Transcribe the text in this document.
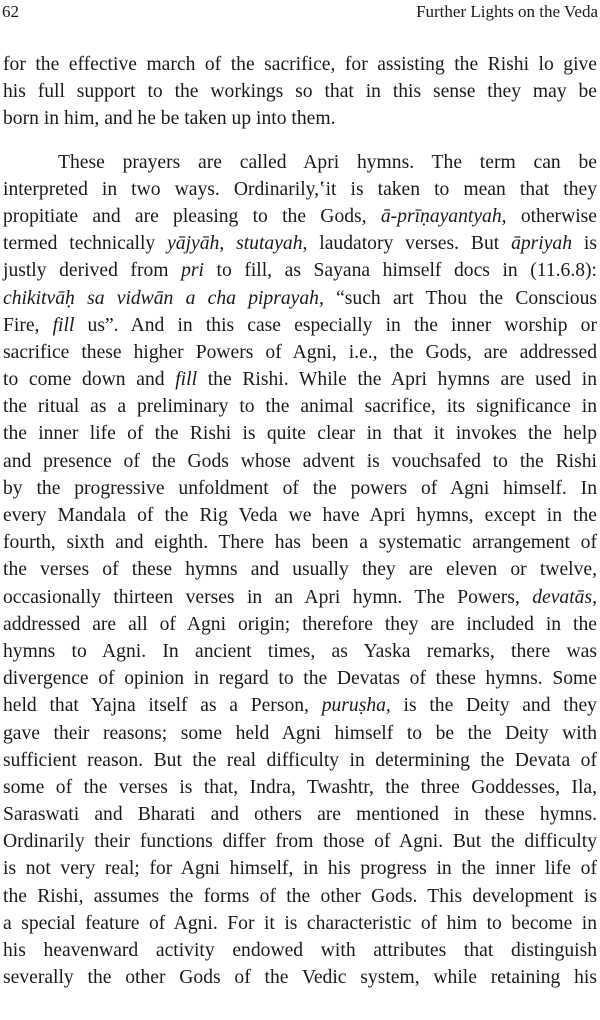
62	Further Lights on the Veda
for the effective march of the sacrifice, for assisting the Rishi lo give
his full support to the workings so that in this sense they may be
born in him, and he be taken up into them.
These prayers are called Apri hymns. The term can be
interpreted in two ways. Ordinarily,ʽit is taken to mean that they
propitiate and are pleasing to the Gods, ā-prīṇayantyah, otherwise
termed technically yājyāh, stutayah, laudatory verses. But āpriyah is
justly derived from pri to fill, as Sayana himself docs in (11.6.8):
chikitvāḥ sa vidwān a cha piprayah, “such art Thou the Conscious
Fire, fill us”. And in this case especially in the inner worship or
sacrifice these higher Powers of Agni, i.e., the Gods, are addressed
to come down and fill the Rishi. While the Apri hymns are used in
the ritual as a preliminary to the animal sacrifice, its significance in
the inner life of the Rishi is quite clear in that it invokes the help
and presence of the Gods whose advent is vouchsafed to the Rishi
by the progressive unfoldment of the powers of Agni himself. In
every Mandala of the Rig Veda we have Apri hymns, except in the
fourth, sixth and eighth. There has been a systematic arrangement of
the verses of these hymns and usually they are eleven or twelve,
occasionally thirteen verses in an Apri hymn. The Powers, devatās,
addressed are all of Agni origin; therefore they are included in the
hymns to Agni. In ancient times, as Yaska remarks, there was
divergence of opinion in regard to the Devatas of these hymns. Some
held that Yajna itself as a Person, puruṣha, is the Deity and they
gave their reasons; some held Agni himself to be the Deity with
sufficient reason. But the real difficulty in determining the Devata of
some of the verses is that, Indra, Twashtr, the three Goddesses, Ila,
Saraswati and Bharati and others are mentioned in these hymns.
Ordinarily their functions differ from those of Agni. But the difficulty
is not very real; for Agni himself, in his progress in the inner life of
the Rishi, assumes the forms of the other Gods. This development is
a special feature of Agni. For it is characteristic of him to become in
his heavenward activity endowed with attributes that distinguish
severally the other Gods of the Vedic system, while retaining his
